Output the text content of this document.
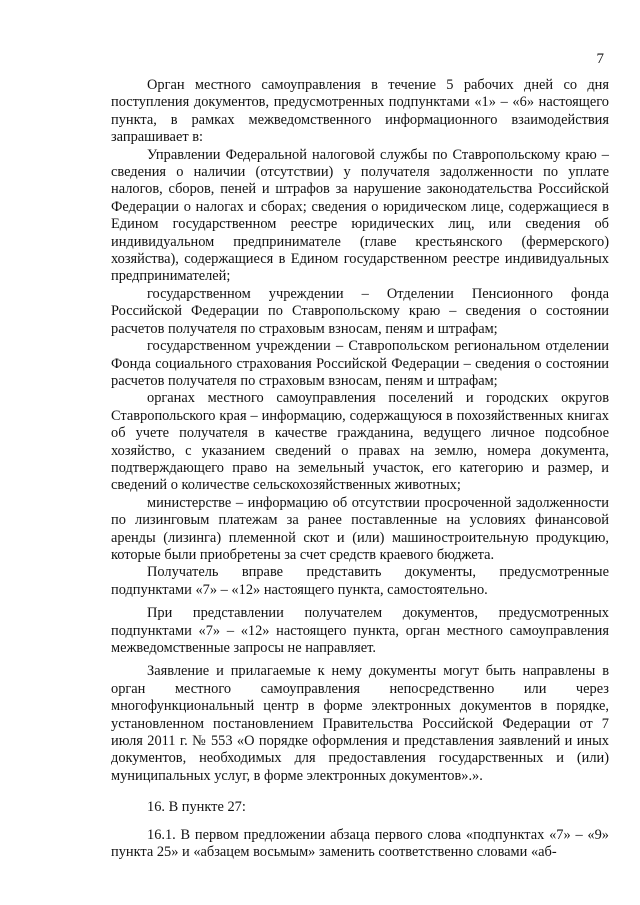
7

Орган местного самоуправления в течение 5 рабочих дней со дня поступления документов, предусмотренных подпунктами «1» – «6» настоящего пункта, в рамках межведомственного информационного взаимодействия запрашивает в:

Управлении Федеральной налоговой службы по Ставропольскому краю – сведения о наличии (отсутствии) у получателя задолженности по уплате налогов, сборов, пеней и штрафов за нарушение законодательства Российской Федерации о налогах и сборах; сведения о юридическом лице, содержащиеся в Едином государственном реестре юридических лиц, или сведения об индивидуальном предпринимателе (главе крестьянского (фермерского) хозяйства), содержащиеся в Едином государственном реестре индивидуальных предпринимателей;

государственном учреждении – Отделении Пенсионного фонда Российской Федерации по Ставропольскому краю – сведения о состоянии расчетов получателя по страховым взносам, пеням и штрафам;

государственном учреждении – Ставропольском региональном отделении Фонда социального страхования Российской Федерации – сведения о состоянии расчетов получателя по страховым взносам, пеням и штрафам;

органах местного самоуправления поселений и городских округов Ставропольского края – информацию, содержащуюся в похозяйственных книгах об учете получателя в качестве гражданина, ведущего личное подсобное хозяйство, с указанием сведений о правах на землю, номера документа, подтверждающего право на земельный участок, его категорию и размер, и сведений о количестве сельскохозяйственных животных;

министерстве – информацию об отсутствии просроченной задолженности по лизинговым платежам за ранее поставленные на условиях финансовой аренды (лизинга) племенной скот и (или) машиностроительную продукцию, которые были приобретены за счет средств краевого бюджета.

Получатель вправе представить документы, предусмотренные подпунктами «7» – «12» настоящего пункта, самостоятельно.

При представлении получателем документов, предусмотренных подпунктами «7» – «12» настоящего пункта, орган местного самоуправления межведомственные запросы не направляет.

Заявление и прилагаемые к нему документы могут быть направлены в орган местного самоуправления непосредственно или через многофункциональный центр в форме электронных документов в порядке, установленном постановлением Правительства Российской Федерации от 7 июля 2011 г. № 553 «О порядке оформления и представления заявлений и иных документов, необходимых для предоставления государственных и (или) муниципальных услуг, в форме электронных документов».».

16. В пункте 27:

16.1. В первом предложении абзаца первого слова «подпунктах «7» – «9» пункта 25» и «абзацем восьмым» заменить соответственно словами «аб-
